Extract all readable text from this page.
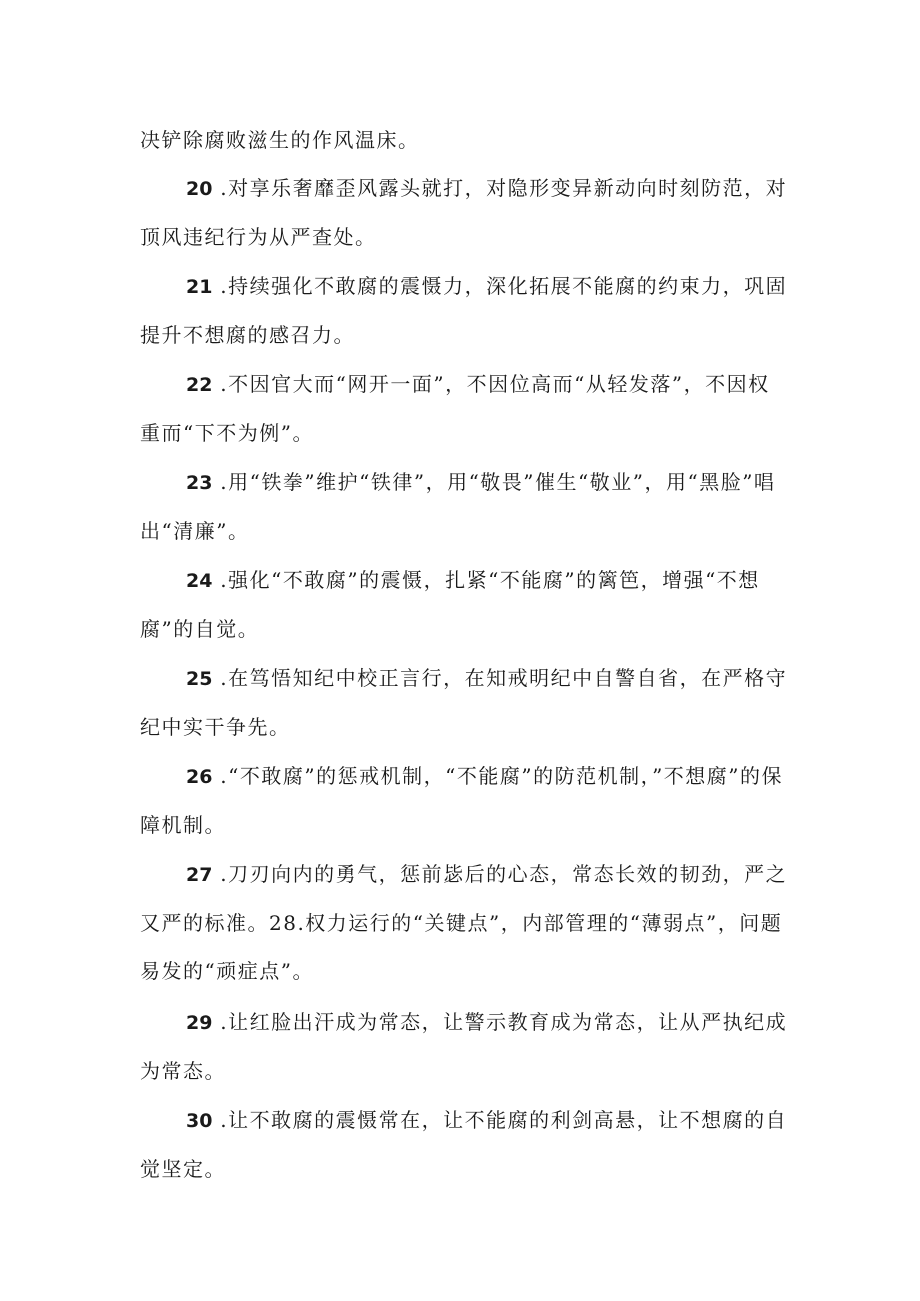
决铲除腐败滋生的作风温床。

20 .对享乐奢靡歪风露头就打，对隐形变异新动向时刻防范，对顶风违纪行为从严查处。

21 .持续强化不敢腐的震慑力，深化拓展不能腐的约束力，巩固提升不想腐的感召力。

22 .不因官大而“网开一面”，不因位高而“从轻发落”，不因权重而“下不为例”。

23 .用“铁拳”维护“铁律”，用“敬畏”催生“敬业”，用“黑脸”唱出“清廉”。

24 .强化“不敢腐”的震慑，扎紧“不能腐”的篱笆，增强“不想腐”的自觉。

25 .在笃悟知纪中校正言行，在知戒明纪中自警自省，在严格守纪中实干争先。

26 .“不敢腐”的惩戒机制，“不能腐”的防范机制，”不想腐”的保障机制。

27 .刀刃向内的勇气，惩前毖后的心态，常态长效的韧劲，严之又严的标准。28.权力运行的“关键点”，内部管理的“薄弱点”，问题易发的“顽症点”。

29 .让红脸出汗成为常态，让警示教育成为常态，让从严执纪成为常态。

30 .让不敢腐的震慑常在，让不能腐的利剑高悬，让不想腐的自觉坚定。
